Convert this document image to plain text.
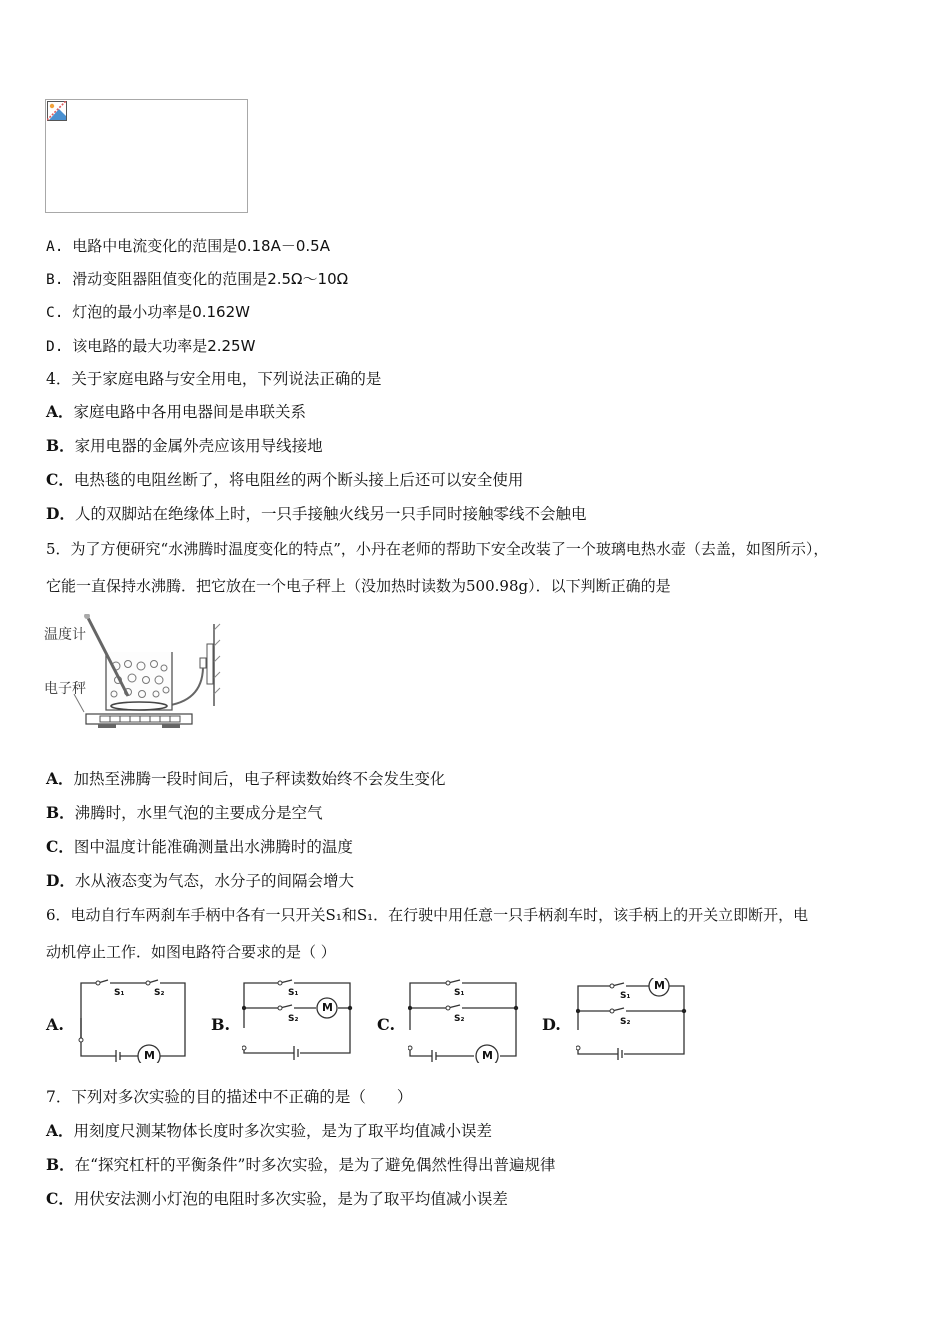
A. 电路中电流变化的范围是0.18A－0.5A
B. 滑动变阻器阻值变化的范围是2.5Ω～10Ω
C. 灯泡的最小功率是0.162W
D. 该电路的最大功率是2.25W
4．关于家庭电路与安全用电，下列说法正确的是
A．家庭电路中各用电器间是串联关系
B．家用电器的金属外壳应该用导线接地
C．电热毯的电阻丝断了，将电阻丝的两个断头接上后还可以安全使用
D．人的双脚站在绝缘体上时，一只手接触火线另一只手同时接触零线不会触电
5．为了方便研究“水沸腾时温度变化的特点”，小丹在老师的帮助下安全改装了一个玻璃电热水壶（去盖，如图所示），
它能一直保持水沸腾．把它放在一个电子秤上（没加热时读数为500.98g）．以下判断正确的是
温度计
电子秤
A．加热至沸腾一段时间后，电子秤读数始终不会发生变化
B．沸腾时，水里气泡的主要成分是空气
C．图中温度计能准确测量出水沸腾时的温度
D．水从液态变为气态，水分子的间隔会增大
6．电动自行车两刹车手柄中各有一只开关S₁和S₁．在行驶中用任意一只手柄刹车时，该手柄上的开关立即断开，电
动机停止工作．如图电路符合要求的是（ ）
A.
S₁	S₂
M
B.
S₁
S₂
M
C.
S₁
S₂
M
D.
S₁
S₂
M
7．下列对多次实验的目的描述中不正确的是（　　）
A．用刻度尺测某物体长度时多次实验，是为了取平均值减小误差
B．在“探究杠杆的平衡条件”时多次实验，是为了避免偶然性得出普遍规律
C．用伏安法测小灯泡的电阻时多次实验，是为了取平均值减小误差
